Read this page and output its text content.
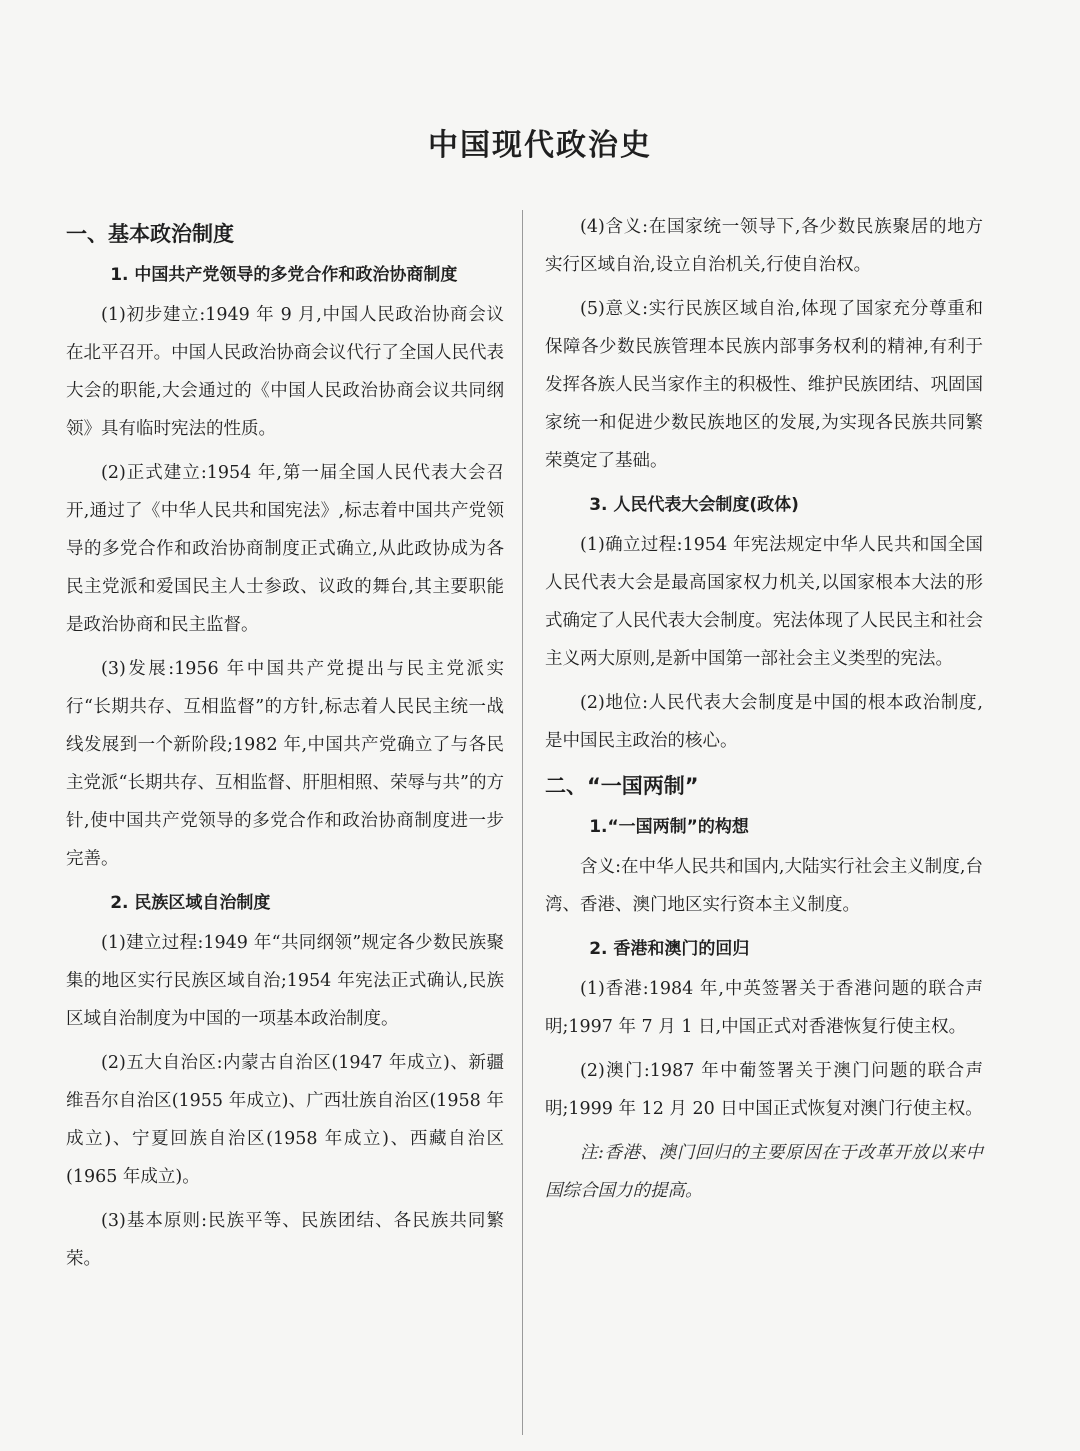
中国现代政治史
一、基本政治制度
1. 中国共产党领导的多党合作和政治协商制度
(1)初步建立:1949 年 9 月,中国人民政治协商会议在北平召开。中国人民政治协商会议代行了全国人民代表大会的职能,大会通过的《中国人民政治协商会议共同纲领》具有临时宪法的性质。
(2)正式建立:1954 年,第一届全国人民代表大会召开,通过了《中华人民共和国宪法》,标志着中国共产党领导的多党合作和政治协商制度正式确立,从此政协成为各民主党派和爱国民主人士参政、议政的舞台,其主要职能是政治协商和民主监督。
(3)发展:1956 年中国共产党提出与民主党派实行“长期共存、互相监督”的方针,标志着人民民主统一战线发展到一个新阶段;1982 年,中国共产党确立了与各民主党派“长期共存、互相监督、肝胆相照、荣辱与共”的方针,使中国共产党领导的多党合作和政治协商制度进一步完善。
2. 民族区域自治制度
(1)建立过程:1949 年“共同纲领”规定各少数民族聚集的地区实行民族区域自治;1954 年宪法正式确认,民族区域自治制度为中国的一项基本政治制度。
(2)五大自治区:内蒙古自治区(1947 年成立)、新疆维吾尔自治区(1955 年成立)、广西壮族自治区(1958 年成立)、宁夏回族自治区(1958 年成立)、西藏自治区(1965 年成立)。
(3)基本原则:民族平等、民族团结、各民族共同繁荣。
(4)含义:在国家统一领导下,各少数民族聚居的地方实行区域自治,设立自治机关,行使自治权。
(5)意义:实行民族区域自治,体现了国家充分尊重和保障各少数民族管理本民族内部事务权利的精神,有利于发挥各族人民当家作主的积极性、维护民族团结、巩固国家统一和促进少数民族地区的发展,为实现各民族共同繁荣奠定了基础。
3. 人民代表大会制度(政体)
(1)确立过程:1954 年宪法规定中华人民共和国全国人民代表大会是最高国家权力机关,以国家根本大法的形式确定了人民代表大会制度。宪法体现了人民民主和社会主义两大原则,是新中国第一部社会主义类型的宪法。
(2)地位:人民代表大会制度是中国的根本政治制度,是中国民主政治的核心。
二、“一国两制”
1.“一国两制”的构想
含义:在中华人民共和国内,大陆实行社会主义制度,台湾、香港、澳门地区实行资本主义制度。
2. 香港和澳门的回归
(1)香港:1984 年,中英签署关于香港问题的联合声明;1997 年 7 月 1 日,中国正式对香港恢复行使主权。
(2)澳门:1987 年中葡签署关于澳门问题的联合声明;1999 年 12 月 20 日中国正式恢复对澳门行使主权。
注:香港、澳门回归的主要原因在于改革开放以来中国综合国力的提高。
